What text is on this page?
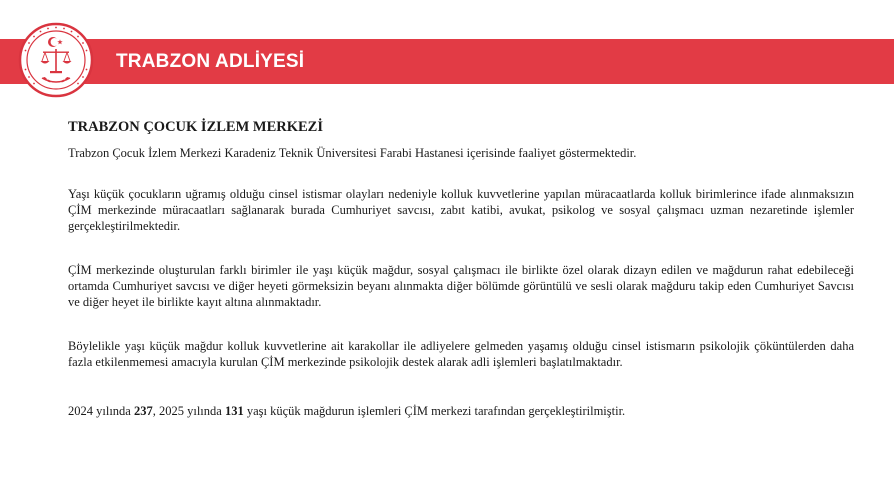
TRABZON ADLİYESİ
TRABZON ÇOCUK İZLEM MERKEZİ

Trabzon Çocuk İzlem Merkezi Karadeniz Teknik Üniversitesi Farabi Hastanesi içerisinde faaliyet göstermektedir.

Yaşı küçük çocukların uğramış olduğu cinsel istismar olayları nedeniyle kolluk kuvvetlerine yapılan müracaatlarda kolluk birimlerince ifade alınmaksızın ÇİM merkezinde müracaatları sağlanarak burada Cumhuriyet savcısı, zabıt katibi, avukat, psikolog ve sosyal çalışmacı uzman nezaretinde işlemler gerçekleştirilmektedir.

ÇİM merkezinde oluşturulan farklı birimler ile yaşı küçük mağdur, sosyal çalışmacı ile birlikte özel olarak dizayn edilen ve mağdurun rahat edebileceği ortamda Cumhuriyet savcısı ve diğer heyeti görmeksizin beyanı alınmakta diğer bölümde görüntülü ve sesli olarak mağduru takip eden Cumhuriyet Savcısı ve diğer heyet ile birlikte kayıt altına alınmaktadır.

Böylelikle yaşı küçük mağdur kolluk kuvvetlerine ait karakollar ile adliyelere gelmeden yaşamış olduğu cinsel istismarın psikolojik çöküntülerden daha fazla etkilenmemesi amacıyla kurulan ÇİM merkezinde psikolojik destek alarak adli işlemleri başlatılmaktadır.

2024 yılında 237, 2025 yılında 131 yaşı küçük mağdurun işlemleri ÇİM merkezi tarafından gerçekleştirilmiştir.
